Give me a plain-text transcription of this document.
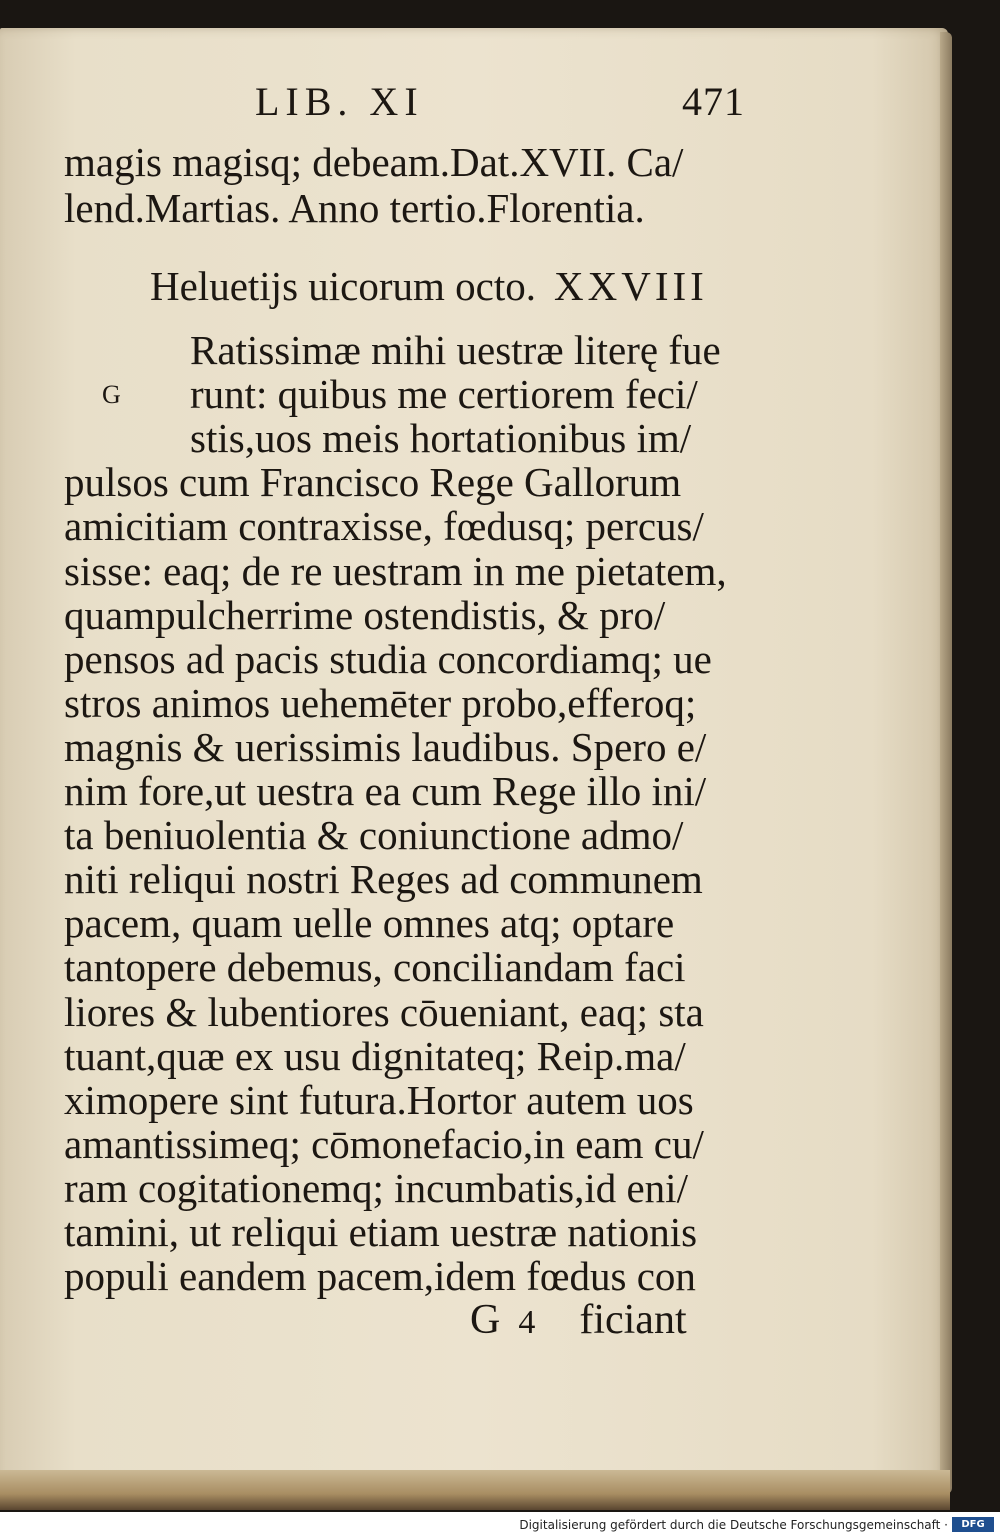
LIB. XI	471
magis magisq; debeam.Dat.XVII. Ca/
lend.Martias. Anno tertio.Florentia.
Heluetijs uicorum octo. XXVIII
G
Ratissimæ mihi uestræ literę fue
runt: quibus me certiorem feci/
stis,uos meis hortationibus im/
pulsos cum Francisco Rege Gallorum
amicitiam contraxisse, fœdusq; percus/
sisse: eaq; de re uestram in me pietatem,
quampulcherrime ostendistis, & pro/
pensos ad pacis studia concordiamq; ue
stros animos uehemēter probo,efferoq;
magnis & uerissimis laudibus. Spero e/
nim fore,ut uestra ea cum Rege illo ini/
ta beniuolentia & coniunctione admo/
niti reliqui nostri Reges ad communem
pacem, quam uelle omnes atq; optare
tantopere debemus, conciliandam faci
liores & lubentiores cōueniant, eaq; sta
tuant,quæ ex usu dignitateq; Reip.ma/
ximopere sint futura.Hortor autem uos
amantissimeq; cōmonefacio,in eam cu/
ram cogitationemq; incumbatis,id eni/
tamini, ut reliqui etiam uestræ nationis
populi eandem pacem,idem fœdus con
G 4 ficiant
Digitalisierung gefördert durch die Deutsche Forschungsgemeinschaft ·	DFG
